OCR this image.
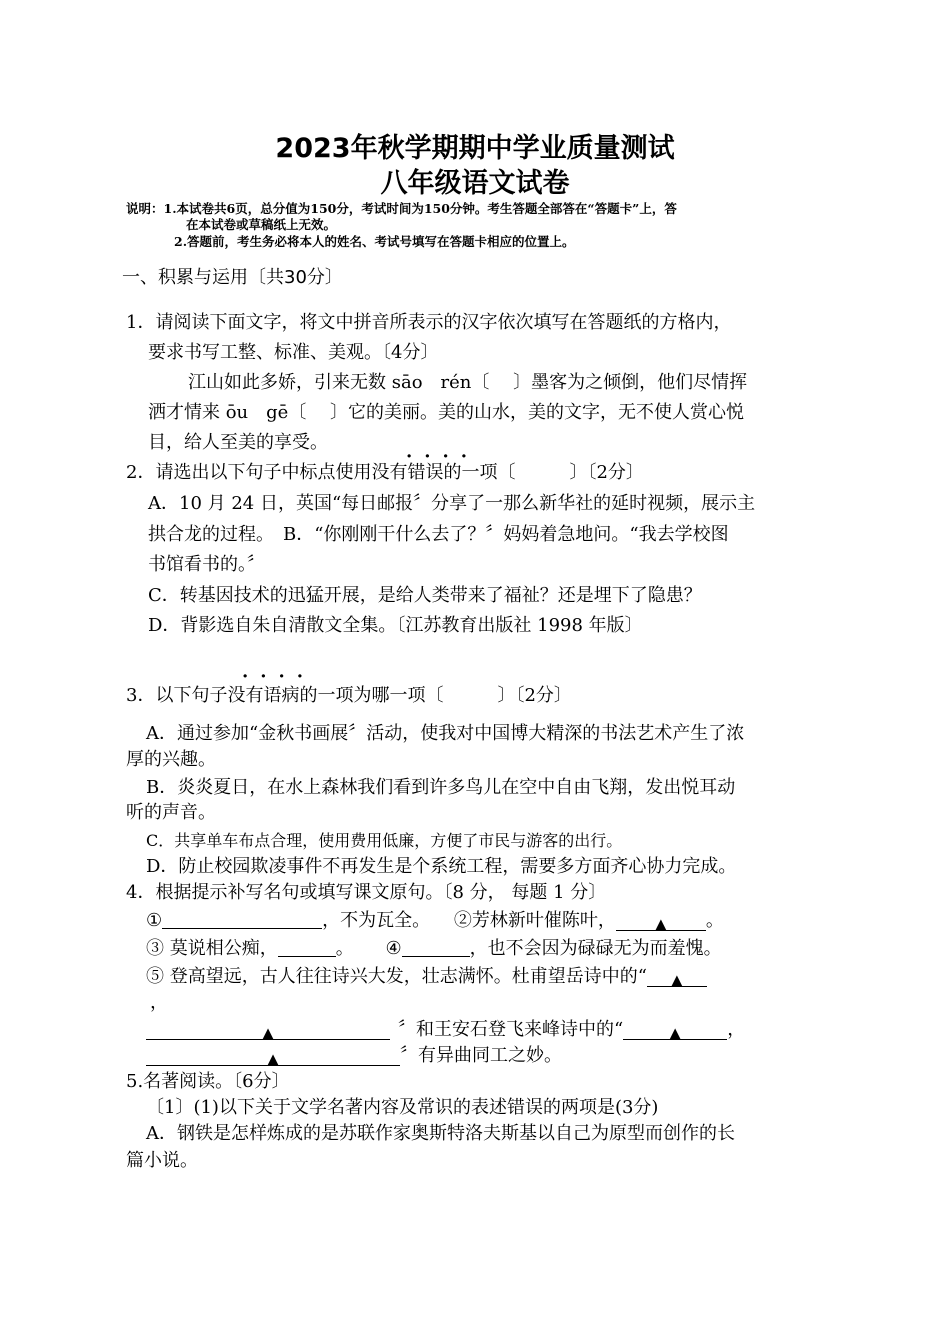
2023年秋学期期中学业质量测试
八年级语文试卷
说明：1.本试卷共6页，总分值为150分，考试时间为150分钟。考生答题全部答在“答题卡”上，答
在本试卷或草稿纸上无效。
2.答题前，考生务必将本人的姓名、考试号填写在答题卡相应的位置上。
一、积累与运用〔共30分〕
1．请阅读下面文字，将文中拼音所表示的汉字依次填写在答题纸的方格内，
要求书写工整、标准、美观。〔4分〕
江山如此多娇，引来无数 sāo　rén〔　 〕墨客为之倾倒，他们尽情挥
洒才情来 ōu　gē〔　 〕它的美丽。美的山水，美的文字，无不使人赏心悦
目，给人至美的享受。
····
2．请选出以下句子中标点使用没有错误的一项〔　　　〕〔2分〕
A．10 月 24 日，英国“每日邮报〞分享了一那么新华社的延时视频，展示主
拱合龙的过程。　B．“你刚刚干什么去了？〞妈妈着急地问。“我去学校图
书馆看书的。〞
C．转基因技术的迅猛开展，是给人类带来了福祉？还是埋下了隐患？
D．背影选自朱自清散文全集。〔江苏教育出版社 1998 年版〕
····
3．以下句子没有语病的一项为哪一项〔　　　〕〔2分〕
A．通过参加“金秋书画展〞活动，使我对中国博大精深的书法艺术产生了浓
厚的兴趣。
B．炎炎夏日，在水上森林我们看到许多鸟儿在空中自由飞翔，发出悦耳动
听的声音。
C．共享单车布点合理，使用费用低廉，方便了市民与游客的出行。
D．防止校园欺凌事件不再发生是个系统工程，需要多方面齐心协力完成。
4．根据提示补写名句或填写课文原句。〔8 分， 每题 1 分〕
①	，不为瓦全。 ②芳林新叶催陈叶，	▲ 。
③ 莫说相公痴，	。 ④	，也不会因为碌碌无为而羞愧。
⑤ 登高望远，古人往往诗兴大发，壮志满怀。杜甫望岳诗中的“ ▲
，
▲	〞和王安石登飞来峰诗中的“	▲	，
▲	〞有异曲同工之妙。
5.名著阅读。〔6分〕
〔1〕(1)以下关于文学名著内容及常识的表述错误的两项是(3分)
A．钢铁是怎样炼成的是苏联作家奥斯特洛夫斯基以自己为原型而创作的长
篇小说。
